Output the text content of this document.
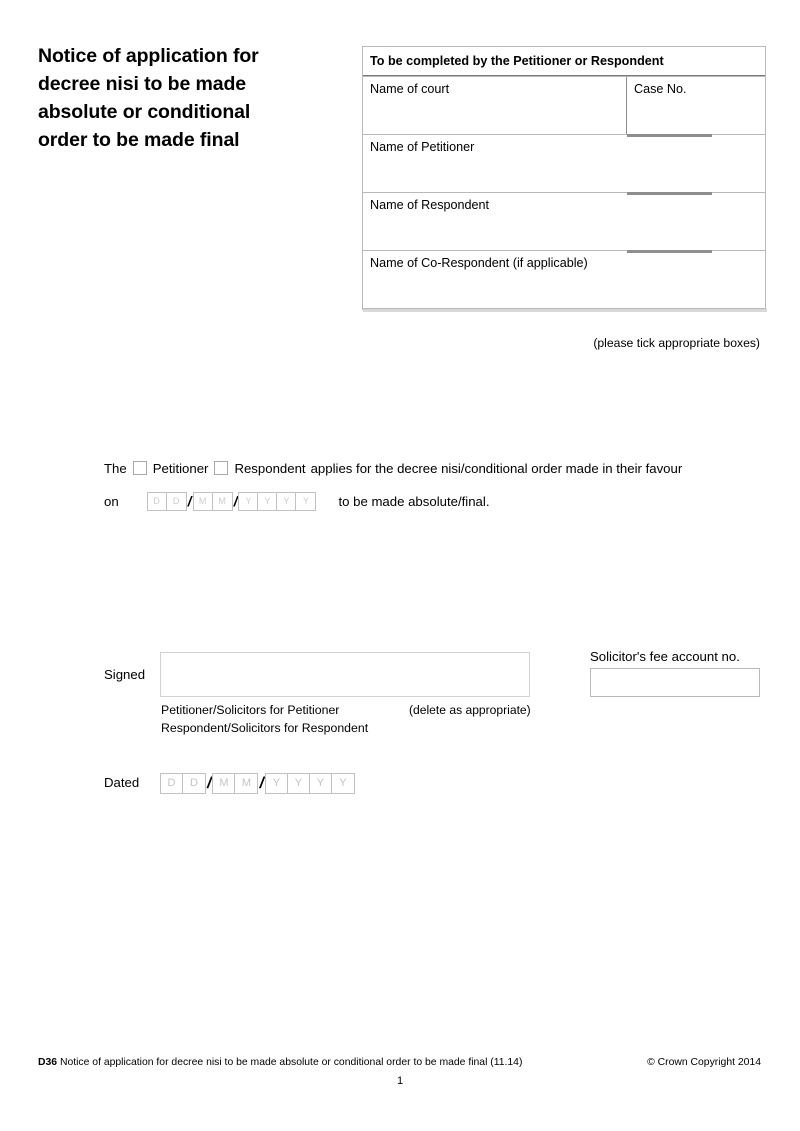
Notice of application for
decree nisi to be made
absolute or conditional
order to be made final
To be completed by the Petitioner or Respondent
Name of court	Case No.
Name of Petitioner
Name of Respondent
Name of Co-Respondent (if applicable)
(please tick appropriate boxes)
The Petitioner Respondent applies for the decree nisi/conditional order made in their favour
on	D	D / M	M / Y	Y	Y	Y	to be made absolute/final.
Signed
Petitioner/Solicitors for Petitioner
Respondent/Solicitors for Respondent
(delete as appropriate)
Solicitor's fee account no.
Dated	D	D / M	M / Y	Y	Y	Y
D36 Notice of application for decree nisi to be made absolute or conditional order to be made final (11.14)	© Crown Copyright 2014
1
